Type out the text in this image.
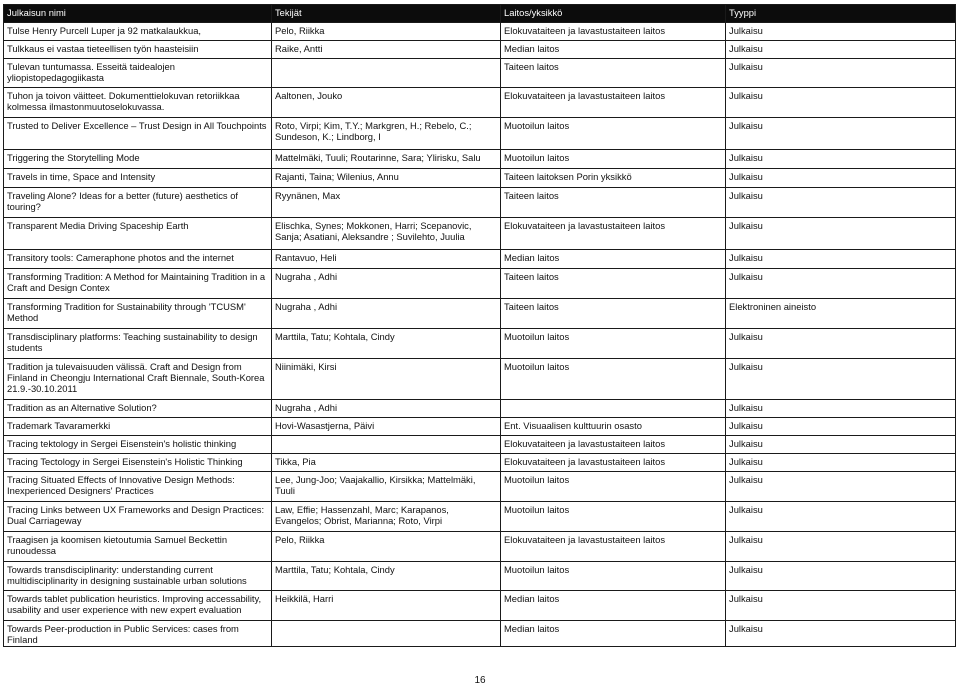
Julkaisun nimi	Tekijät	Laitos/yksikkö	Tyyppi
Tulse Henry Purcell Luper ja 92 matkalaukkua,	Pelo, Riikka	Elokuvataiteen ja lavastustaiteen laitos	Julkaisu
Tulkkaus ei vastaa tieteellisen työn haasteisiin	Raike, Antti	Median laitos	Julkaisu
Tulevan tuntumassa. Esseitä taidealojen yliopistopedagogiikasta		Taiteen laitos	Julkaisu
Tuhon ja toivon väitteet. Dokumenttielokuvan retoriikkaa kolmessa ilmastonmuutoselokuvassa.	Aaltonen, Jouko	Elokuvataiteen ja lavastustaiteen laitos	Julkaisu
Trusted to Deliver Excellence – Trust Design in All Touchpoints	Roto, Virpi; Kim, T.Y.; Markgren, H.; Rebelo, C.; Sundeson, K.; Lindborg, I	Muotoilun laitos	Julkaisu
Triggering the Storytelling Mode	Mattelmäki, Tuuli; Routarinne, Sara; Ylirisku, Salu	Muotoilun laitos	Julkaisu
Travels in time, Space and Intensity	Rajanti, Taina; Wilenius, Annu	Taiteen laitoksen Porin yksikkö	Julkaisu
Traveling Alone? Ideas for a better (future) aesthetics of touring?	Ryynänen, Max	Taiteen laitos	Julkaisu
Transparent Media Driving Spaceship Earth	Elischka, Synes; Mokkonen, Harri; Scepanovic, Sanja; Asatiani, Aleksandre ; Suvilehto, Juulia	Elokuvataiteen ja lavastustaiteen laitos	Julkaisu
Transitory tools: Cameraphone photos and the internet	Rantavuo, Heli	Median laitos	Julkaisu
Transforming Tradition: A Method for Maintaining Tradition in a Craft and Design Contex	Nugraha , Adhi	Taiteen laitos	Julkaisu
Transforming Tradition for Sustainability through 'TCUSM' Method	Nugraha , Adhi	Taiteen laitos	Elektroninen aineisto
Transdisciplinary platforms: Teaching sustainability to design students	Marttila, Tatu; Kohtala, Cindy	Muotoilun laitos	Julkaisu
Tradition ja tulevaisuuden välissä. Craft and Design from Finland in Cheongju International Craft Biennale, South-Korea 21.9.-30.10.2011	Niinimäki, Kirsi	Muotoilun laitos	Julkaisu
Tradition as an Alternative Solution?	Nugraha , Adhi		Julkaisu
Trademark Tavaramerkki	Hovi-Wasastjerna, Päivi	Ent. Visuaalisen kulttuurin osasto	Julkaisu
Tracing tektology in Sergei Eisenstein's holistic thinking		Elokuvataiteen ja lavastustaiteen laitos	Julkaisu
Tracing Tectology in Sergei Eisenstein's Holistic Thinking	Tikka, Pia	Elokuvataiteen ja lavastustaiteen laitos	Julkaisu
Tracing Situated Effects of Innovative Design Methods: Inexperienced Designers' Practices	Lee, Jung-Joo; Vaajakallio, Kirsikka; Mattelmäki, Tuuli	Muotoilun laitos	Julkaisu
Tracing Links between UX Frameworks and Design Practices: Dual Carriageway	Law, Effie; Hassenzahl, Marc; Karapanos, Evangelos; Obrist, Marianna; Roto, Virpi	Muotoilun laitos	Julkaisu
Traagisen ja koomisen kietoutumia Samuel Beckettin runoudessa	Pelo, Riikka	Elokuvataiteen ja lavastustaiteen laitos	Julkaisu
Towards transdisciplinarity: understanding current multidisciplinarity in designing sustainable urban solutions	Marttila, Tatu; Kohtala, Cindy	Muotoilun laitos	Julkaisu
Towards tablet publication heuristics. Improving accessability, usability and user experience with new expert evaluation	Heikkilä, Harri	Median laitos	Julkaisu
Towards Peer-production in Public Services: cases from Finland		Median laitos	Julkaisu
16
